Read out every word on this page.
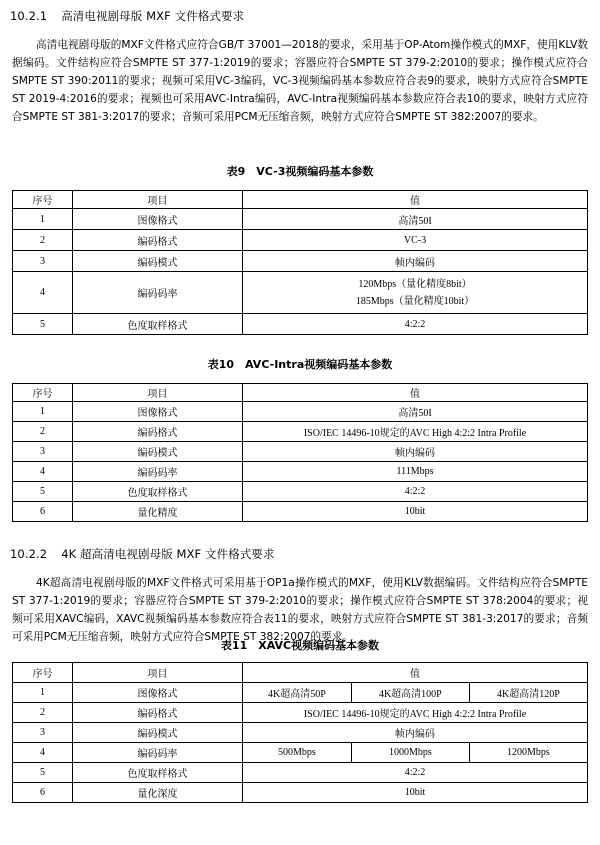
10.2.1 高清电视剧母版 MXF 文件格式要求
高清电视剧母版的MXF文件格式应符合GB/T 37001—2018的要求，采用基于OP-Atom操作模式的MXF，使用KLV数据编码。文件结构应符合SMPTE ST 377-1:2019的要求；容器应符合SMPTE ST 379-2:2010的要求；操作模式应符合SMPTE ST 390:2011的要求；视频可采用VC-3编码，VC-3视频编码基本参数应符合表9的要求，映射方式应符合SMPTE ST 2019-4:2016的要求；视频也可采用AVC-Intra编码，AVC-Intra视频编码基本参数应符合表10的要求，映射方式应符合SMPTE ST 381-3:2017的要求；音频可采用PCM无压缩音频，映射方式应符合SMPTE ST 382:2007的要求。
表9　VC-3视频编码基本参数
序号	项目	值
1	图像格式	高清50I
2	编码格式	VC-3
3	编码模式	帧内编码
4	编码码率	120Mbps（量化精度8bit）
185Mbps（量化精度10bit）

5	色度取样格式	4:2:2
表10　AVC-Intra视频编码基本参数
序号	项目	值
1	图像格式	高清50I
2	编码格式	ISO/IEC 14496-10规定的AVC High 4:2:2 Intra Profile
3	编码模式	帧内编码
4	编码码率	111Mbps
5	色度取样格式	4:2:2
6	量化精度	10bit
10.2.2 4K 超高清电视剧母版 MXF 文件格式要求
4K超高清电视剧母版的MXF文件格式可采用基于OP1a操作模式的MXF，使用KLV数据编码。文件结构应符合SMPTE ST 377-1:2019的要求；容器应符合SMPTE ST 379-2:2010的要求；操作模式应符合SMPTE ST 378:2004的要求；视频可采用XAVC编码，XAVC视频编码基本参数应符合表11的要求，映射方式应符合SMPTE ST 381-3:2017的要求；音频可采用PCM无压缩音频，映射方式应符合SMPTE ST 382:2007的要求。
表11　XAVC视频编码基本参数
序号	项目	值		
1	图像格式	4K超高清50P	4K超高清100P	4K超高清120P
2	编码格式	ISO/IEC 14496-10规定的AVC High 4:2:2 Intra Profile		
3	编码模式	帧内编码		
4	编码码率	500Mbps	1000Mbps	1200Mbps
5	色度取样格式	4:2:2		
6	量化深度	10bit		
